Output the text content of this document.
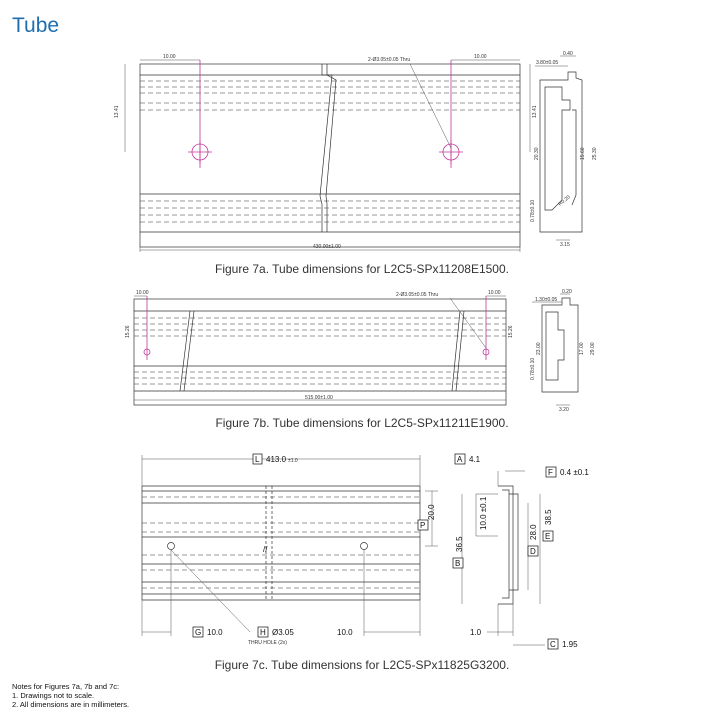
Tube
10.00	10.00
2-Ø3.05±0.05 Thru
13.41	13.41
430.00±1.00
3.80±0.05
0.40
20.30	15.60 25.30
0.78±0.10
3.15
R0.20
10.00	10.00
2-Ø3.05±0.05 Thru
15.26	15.26
515.00±1.00
1.30±0.05
0.20
23.00	17.00 29.00
0.78±0.10
3.20
//
L 413.0 ±1.0
P
20.0
G 10.0	H Ø3.05
THRU HOLE (2x)
10.0
A 4.1
F 0.4 ±0.1
B
36.5
10.0 ±0.1
D
28.0 E
38.5
1.0
C 1.95
Figure 7a. Tube dimensions for L2C5-SPx11208E1500.
Figure 7b. Tube dimensions for L2C5-SPx11211E1900.
Figure 7c. Tube dimensions for L2C5-SPx11825G3200.
Notes for Figures 7a, 7b and 7c:
1. Drawings not to scale.
2. All dimensions are in millimeters.
